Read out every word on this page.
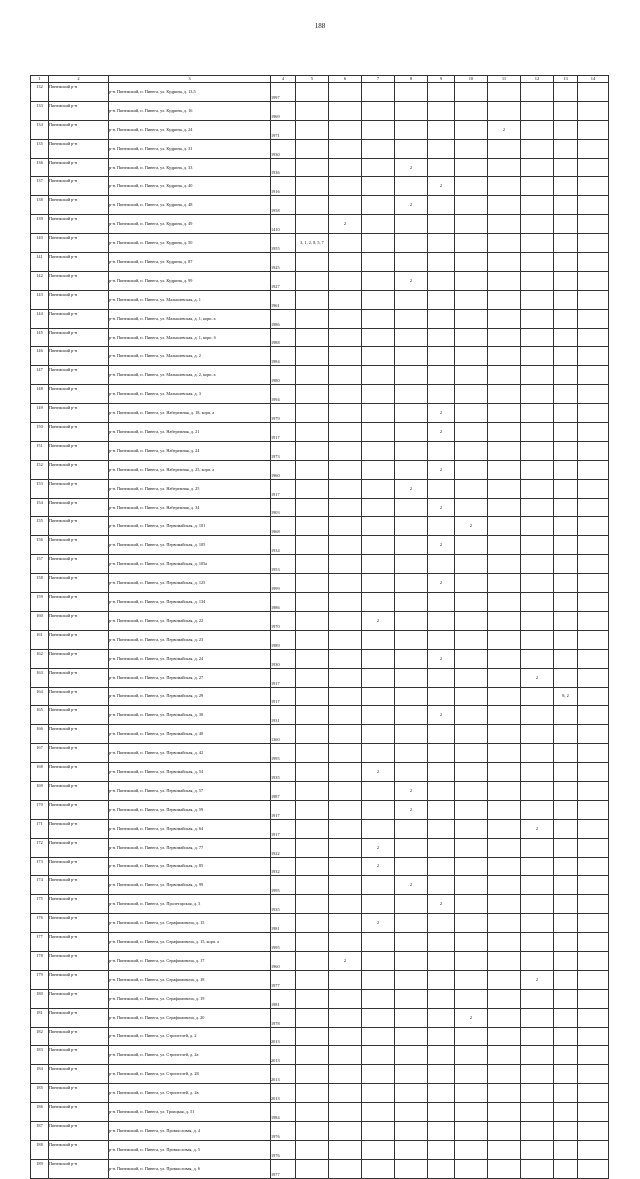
188
1	2	3	4	5	6	7	8	9	10	11	12	13	14	
132	Пинежский р-н	р-н. Пинежский, п. Пинега, ул. Кудрина, д. 13,5	1997											
133	Пинежский р-н	р-н. Пинежский, п. Пинега, ул. Кудрина, д. 16	1969											
134	Пинежский р-н	р-н. Пинежский, п. Пинега, ул. Кудрина, д. 24	1971							2				
135	Пинежский р-н	р-н. Пинежский, п. Пинега, ул. Кудрина, д. 31	1930											
136	Пинежский р-н	р-н. Пинежский, п. Пинега, ул. Кудрина, д. 33	1936				2							
137	Пинежский р-н	р-н. Пинежский, п. Пинега, ул. Кудрина, д. 40	1916					2						
138	Пинежский р-н	р-н. Пинежский, п. Пинега, ул. Кудрина, д. 48	1958				2							
139	Пинежский р-н	р-н. Пинежский, п. Пинега, ул. Кудрина, д. 49	1410		2									
140	Пинежский р-н	р-н. Пинежский, п. Пинега, ул. Кудрина, д. 50	1955	3, 1, 2, 8, 5, 7										
141	Пинежский р-н	р-н. Пинежский, п. Пинега, ул. Кудрина, д. 87	1925											
142	Пинежский р-н	р-н. Пинежский, п. Пинега, ул. Кудрина, д. 99	1927				2							
143	Пинежский р-н	р-н. Пинежский, п. Пинега, ул. Малышевская, д. 1	1961											
144	Пинежский р-н	р-н. Пинежский, п. Пинега, ул. Малышевская, д. 1, корп. а	1986											
145	Пинежский р-н	р-н. Пинежский, п. Пинега, ул. Малышевская, д. 1, корп. б	1988											
146	Пинежский р-н	р-н. Пинежский, п. Пинега, ул. Малышевская, д. 2	1984											
147	Пинежский р-н	р-н. Пинежский, п. Пинега, ул. Малышевская, д. 2, корп. а	1980											
148	Пинежский р-н	р-н. Пинежский, п. Пинега, ул. Малышевская, д. 3	1994											
149	Пинежский р-н	р-н. Пинежский, п. Пинега, ул. Набережная, д. 18, корп. а	1979					2						
150	Пинежский р-н	р-н. Пинежский, п. Пинега, ул. Набережная, д. 21	1917					2						
151	Пинежский р-н	р-н. Пинежский, п. Пинега, ул. Набережная, д. 24	1973											
152	Пинежский р-н	р-н. Пинежский, п. Пинега, ул. Набережная, д. 25, корп. а	1960					2						
153	Пинежский р-н	р-н. Пинежский, п. Пинега, ул. Набережная, д. 25	1917				2							
154	Пинежский р-н	р-н. Пинежский, п. Пинега, ул. Набережная, д. 34	1903					2						
155	Пинежский р-н	р-н. Пинежский, п. Пинега, ул. Первомайская, д. 101	1968						2					
156	Пинежский р-н	р-н. Пинежский, п. Пинега, ул. Первомайская, д. 105	1934					2						
157	Пинежский р-н	р-н. Пинежский, п. Пинега, ул. Первомайская, д. 105а	1953											
158	Пинежский р-н	р-н. Пинежский, п. Пинега, ул. Первомайская, д. 125	1999					2						
159	Пинежский р-н	р-н. Пинежский, п. Пинега, ул. Первомайская, д. 134	1986											
160	Пинежский р-н	р-н. Пинежский, п. Пинега, ул. Первомайская, д. 22	1970			2								
161	Пинежский р-н	р-н. Пинежский, п. Пинега, ул. Первомайская, д. 23	1989											
162	Пинежский р-н	р-н. Пинежский, п. Пинега, ул. Первомайская, д. 24	1930					2						
163	Пинежский р-н	р-н. Пинежский, п. Пинега, ул. Первомайская, д. 27	1917								2			
164	Пинежский р-н	р-н. Пинежский, п. Пинега, ул. Первомайская, д. 29	1917									8, 2		
165	Пинежский р-н	р-н. Пинежский, п. Пинега, ул. Первомайская, д. 30	1931					2						
166	Пинежский р-н	р-н. Пинежский, п. Пинега, ул. Первомайская, д. 40	1360											
167	Пинежский р-н	р-н. Пинежский, п. Пинега, ул. Первомайская, д. 42	1995											
168	Пинежский р-н	р-н. Пинежский, п. Пинега, ул. Первомайская, д. 54	1935			2								
169	Пинежский р-н	р-н. Пинежский, п. Пинега, ул. Первомайская, д. 57	1987				2							
170	Пинежский р-н	р-н. Пинежский, п. Пинега, ул. Первомайская, д. 59	1917				2							
171	Пинежский р-н	р-н. Пинежский, п. Пинега, ул. Первомайская, д. 64	1917								2			
172	Пинежский р-н	р-н. Пинежский, п. Пинега, ул. Первомайская, д. 77	1922			2								
173	Пинежский р-н	р-н. Пинежский, п. Пинега, ул. Первомайская, д. 85	1932			2								
174	Пинежский р-н	р-н. Пинежский, п. Пинега, ул. Первомайская, д. 99	1995				2							
175	Пинежский р-н	р-н. Пинежский, п. Пинега, ул. Пролетарская, д. 3	1935					2						
176	Пинежский р-н	р-н. Пинежский, п. Пинега, ул. Серафимовича, д. 15	1981			2								
177	Пинежский р-н	р-н. Пинежский, п. Пинега, ул. Серафимовича, д. 15, корп. а	1995											
178	Пинежский р-н	р-н. Пинежский, п. Пинега, ул. Серафимовича, д. 17	1960		2									
179	Пинежский р-н	р-н. Пинежский, п. Пинега, ул. Серафимовича, д. 18	1977								2			
180	Пинежский р-н	р-н. Пинежский, п. Пинега, ул. Серафимовича, д. 19	1981											
181	Пинежский р-н	р-н. Пинежский, п. Пинега, ул. Серафимовича, д. 20	1978						2					
182	Пинежский р-н	р-н. Пинежский, п. Пинега, ул. Строителей, д. 2	2013											
183	Пинежский р-н	р-н. Пинежский, п. Пинега, ул. Строителей, д. 2а	2013											
184	Пинежский р-н	р-н. Пинежский, п. Пинега, ул. Строителей, д. 28	2013											
185	Пинежский р-н	р-н. Пинежский, п. Пинега, ул. Строителей, д. 2в	2013											
186	Пинежский р-н	р-н. Пинежский, п. Пинега, ул. Троицкая, д. 51	1984											
187	Пинежский р-н	р-н. Пинежский, п. Пинега, ул. Промысловая, д. 4	1976											
188	Пинежский р-н	р-н. Пинежский, п. Пинега, ул. Промысловая, д. 5	1976											
189	Пинежский р-н	р-н. Пинежский, п. Пинега, ул. Промысловая, д. 6	1977											
